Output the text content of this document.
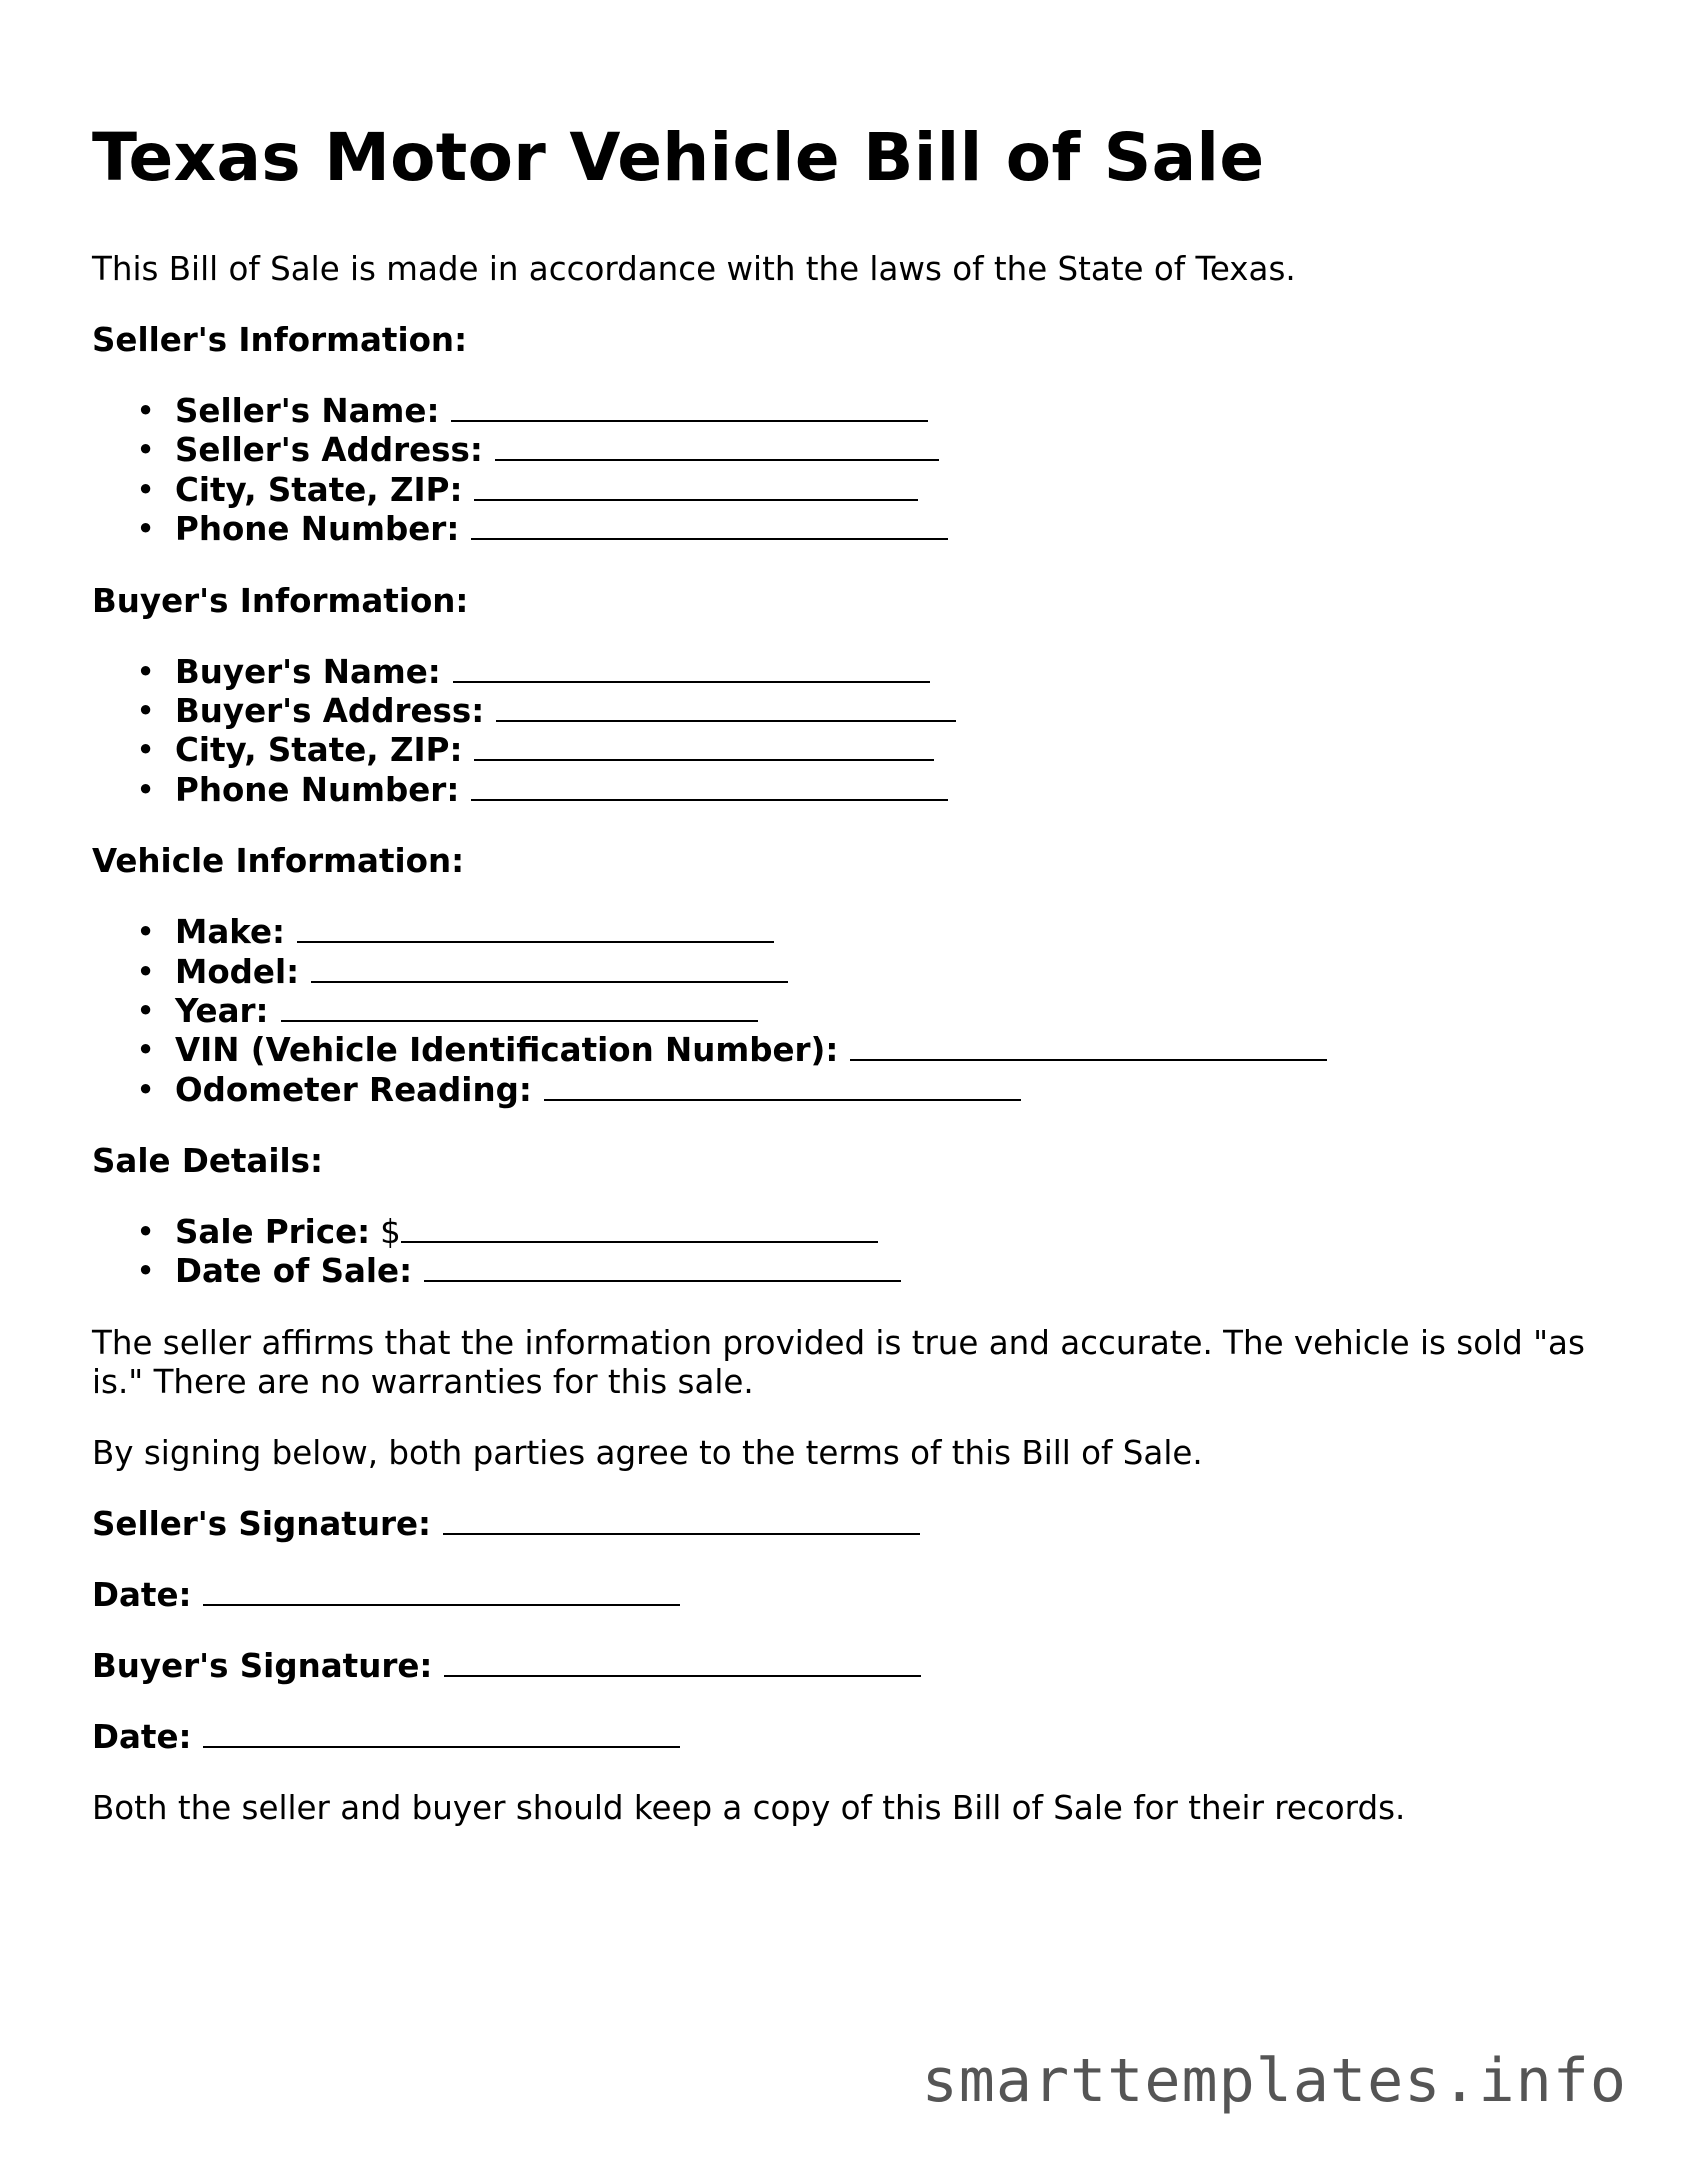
Texas Motor Vehicle Bill of Sale

This Bill of Sale is made in accordance with the laws of the State of Texas.

Seller's Information:

• Seller's Name:
• Seller's Address:
• City, State, ZIP:
• Phone Number:

Buyer's Information:

• Buyer's Name:
• Buyer's Address:
• City, State, ZIP:
• Phone Number:

Vehicle Information:

• Make:
• Model:
• Year:
• VIN (Vehicle Identification Number):
• Odometer Reading:

Sale Details:

• Sale Price: $
• Date of Sale:

The seller affirms that the information provided is true and accurate. The vehicle is sold "as is." There are no warranties for this sale.

By signing below, both parties agree to the terms of this Bill of Sale.

Seller's Signature:

Date:

Buyer's Signature:

Date:

Both the seller and buyer should keep a copy of this Bill of Sale for their records.

smarttemplates.info
